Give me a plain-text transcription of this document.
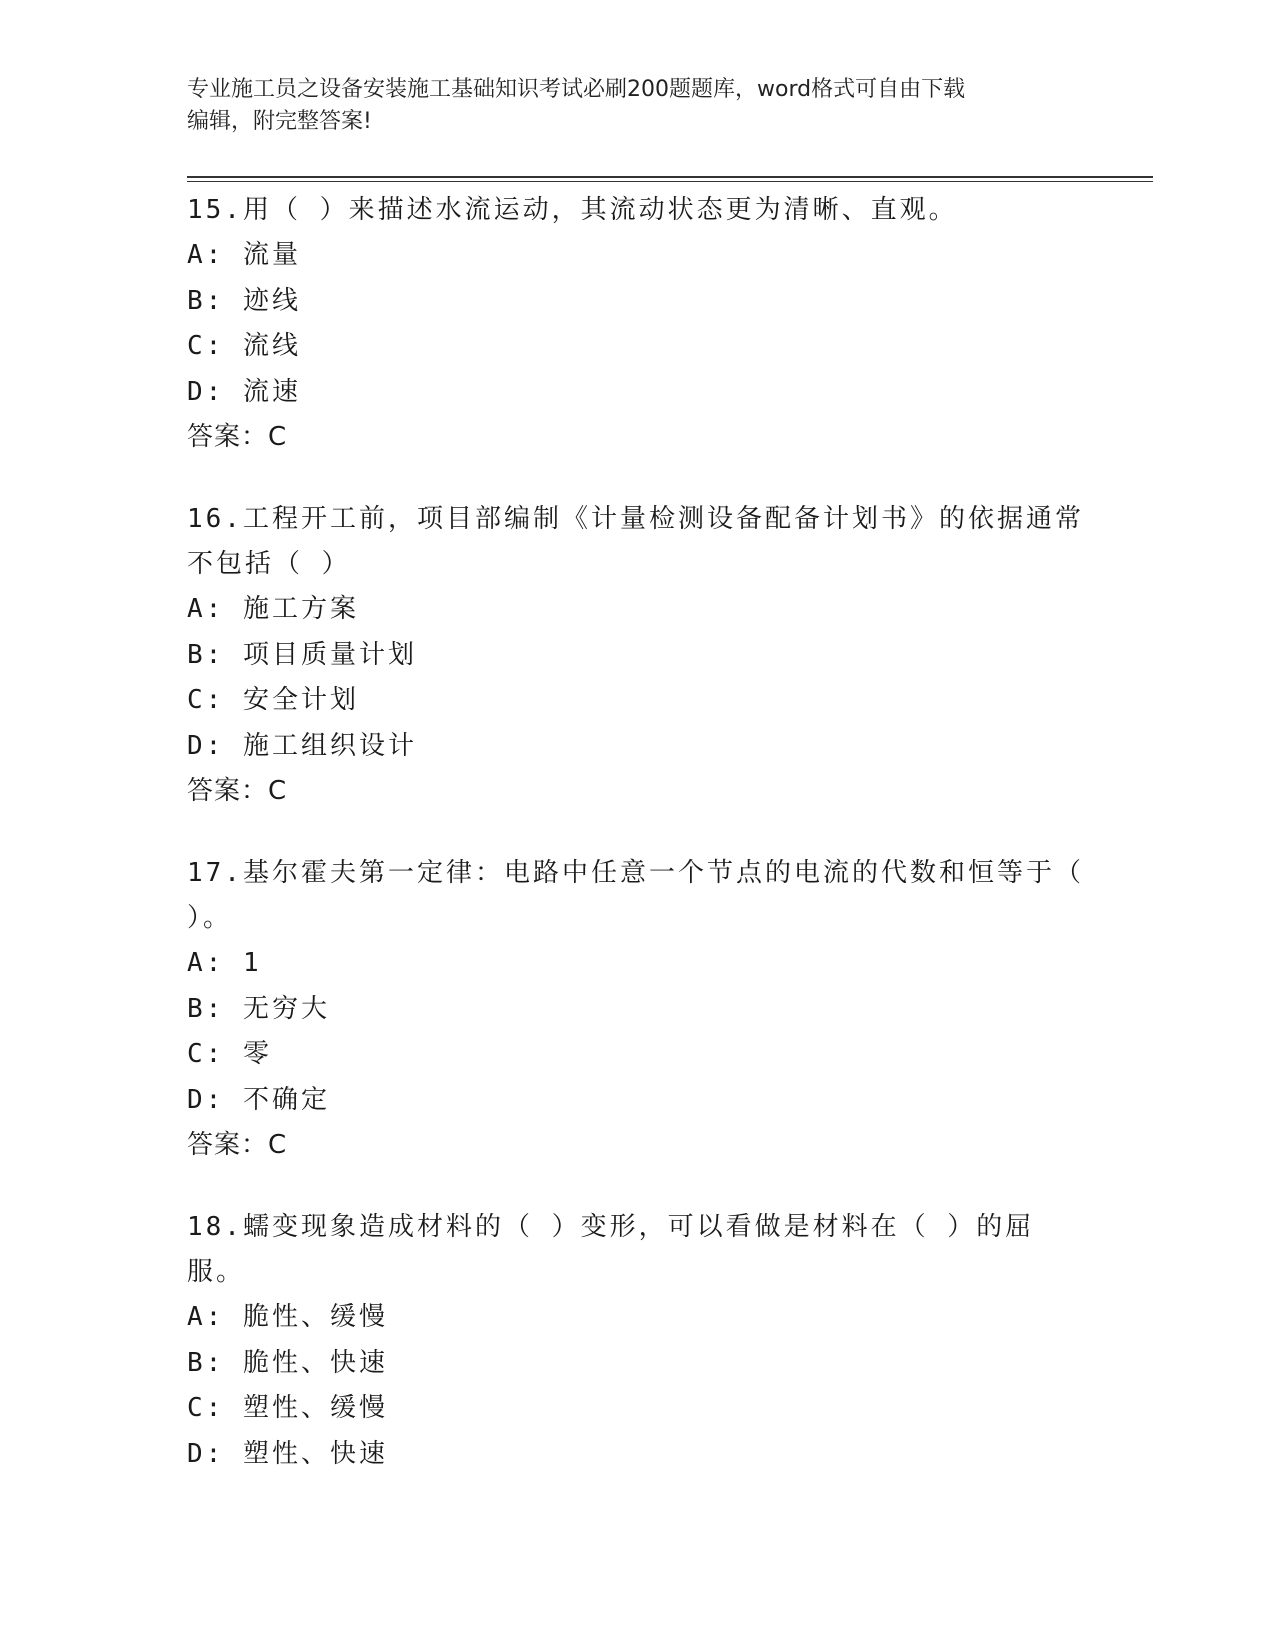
专业施工员之设备安装施工基础知识考试必刷200题题库，word格式可自由下载
编辑，附完整答案!
15.用（ ）来描述水流运动，其流动状态更为清晰、直观。
A: 流量
B: 迹线
C: 流线
D: 流速
答案：C
16.工程开工前，项目部编制《计量检测设备配备计划书》的依据通常
不包括（ ）
A: 施工方案
B: 项目质量计划
C: 安全计划
D: 施工组织设计
答案：C
17.基尔霍夫第一定律：电路中任意一个节点的电流的代数和恒等于（
）。
A: 1
B: 无穷大
C: 零
D: 不确定
答案：C
18.蠕变现象造成材料的（ ）变形，可以看做是材料在（ ）的屈服。
A: 脆性、缓慢
B: 脆性、快速
C: 塑性、缓慢
D: 塑性、快速
